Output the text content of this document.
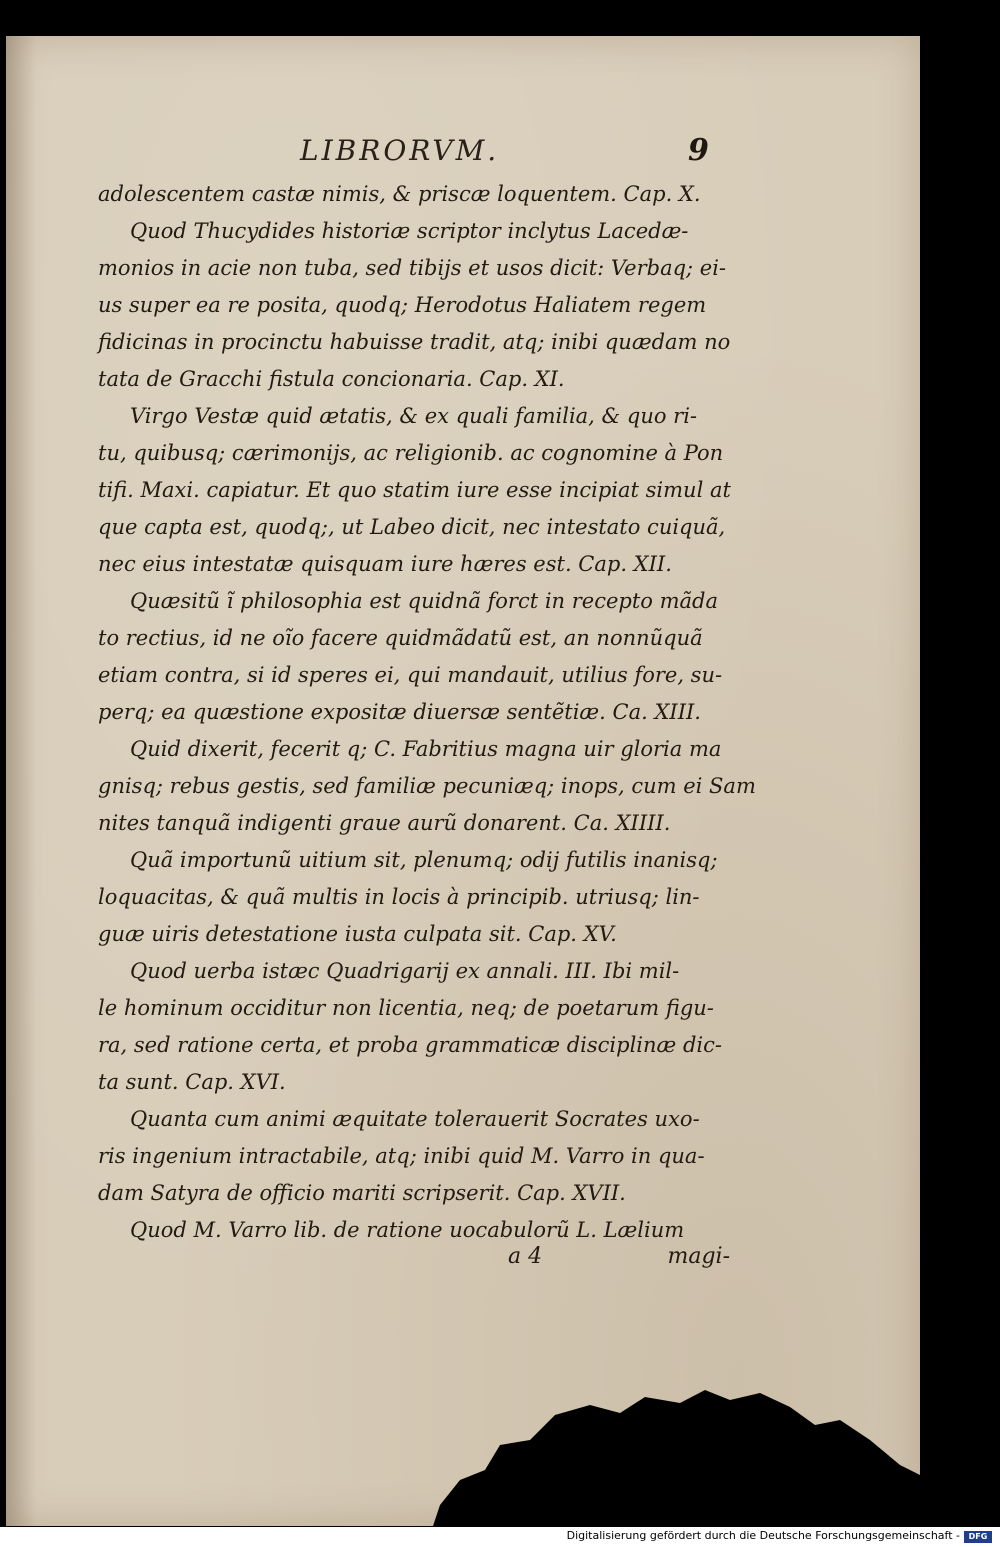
LIBRORVM.	9
adolescentem castæ nimis, & priscæ loquentem. Cap. X.
Quod Thucydides historiæ scriptor inclytus Lacedæ-
monios in acie non tuba, sed tibijs et usos dicit: Verbaq; ei-
us super ea re posita, quodq; Herodotus Haliatem regem
fidicinas in procinctu habuisse tradit, atq; inibi quædam no
tata de Gracchi fistula concionaria. Cap. XI.
Virgo Vestæ quid ætatis, & ex quali familia, & quo ri-
tu, quibusq; cærimonijs, ac religionib. ac cognomine à Pon
tifi. Maxi. capiatur. Et quo statim iure esse incipiat simul at
que capta est, quodq;, ut Labeo dicit, nec intestato cuiquã,
nec eius intestatæ quisquam iure hæres est. Cap. XII.
Quæsitũ ĩ philosophia est quidnã forct in recepto mãda
to rectius, id ne oĩo facere quidmãdatũ est, an nonnũquã
etiam contra, si id speres ei, qui mandauit, utilius fore, su-
perq; ea quæstione expositæ diuersæ sentẽtiæ. Ca. XIII.
Quid dixerit, fecerit q; C. Fabritius magna uir gloria ma
gnisq; rebus gestis, sed familiæ pecuniæq; inops, cum ei Sam
nites tanquã indigenti graue aurũ donarent. Ca. XIIII.
Quã importunũ uitium sit, plenumq; odij futilis inanisq;
loquacitas, & quã multis in locis à principib. utriusq; lin-
guæ uiris detestatione iusta culpata sit. Cap. XV.
Quod uerba istæc Quadrigarij ex annali. III. Ibi mil-
le hominum occiditur non licentia, neq; de poetarum figu-
ra, sed ratione certa, et proba grammaticæ disciplinæ dic-
ta sunt. Cap. XVI.
Quanta cum animi æquitate tolerauerit Socrates uxo-
ris ingenium intractabile, atq; inibi quid M. Varro in qua-
dam Satyra de officio mariti scripserit. Cap. XVII.
Quod M. Varro lib. de ratione uocabulorũ L. Lælium
a 4	magi-
Digitalisierung gefördert durch die Deutsche Forschungsgemeinschaft -	DFG
